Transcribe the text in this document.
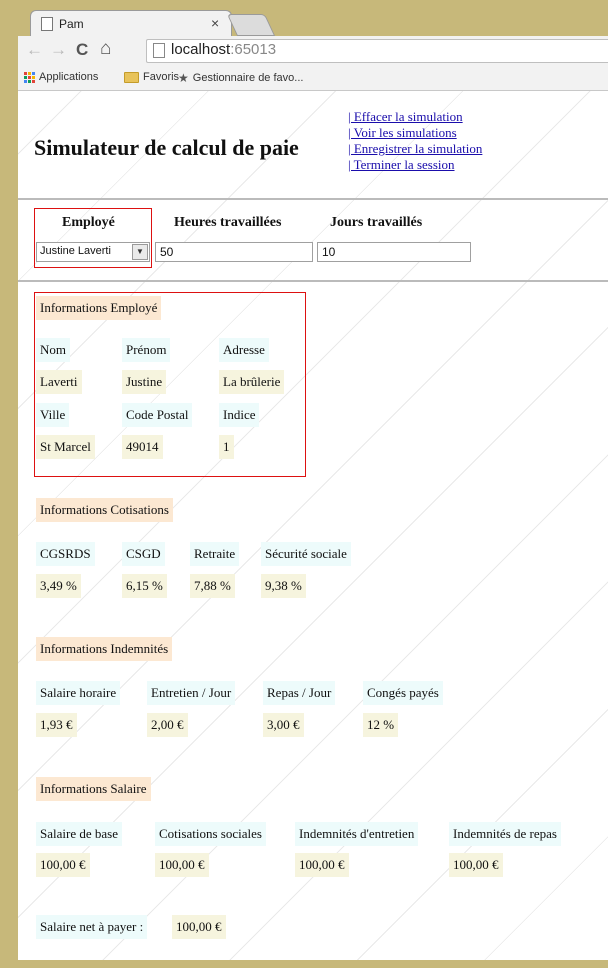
Pam	×
← → C ⌂	localhost:65013
Applications	Favoris
★ Gestionnaire de favo...
Simulateur de calcul de paie
| Effacer la simulation
| Voir les simulations
| Enregistrer la simulation
| Terminer la session
Employé	Heures travaillées	Jours travaillés
Justine Laverti	▼	50	10
Informations Employé
Nom	Prénom	Adresse
Laverti	Justine	La brûlerie
Ville	Code Postal	Indice
St Marcel	49014	1
Informations Cotisations
CGSRDS	CSGD	Retraite	Sécurité sociale
3,49 %	6,15 %	7,88 %	9,38 %
Informations Indemnités
Salaire horaire	Entretien / Jour	Repas / Jour	Congés payés
1,93 €	2,00 €	3,00 €	12 %
Informations Salaire
Salaire de base	Cotisations sociales	Indemnités d'entretien	Indemnités de repas
100,00 €	100,00 €	100,00 €	100,00 €
Salaire net à payer :	100,00 €
